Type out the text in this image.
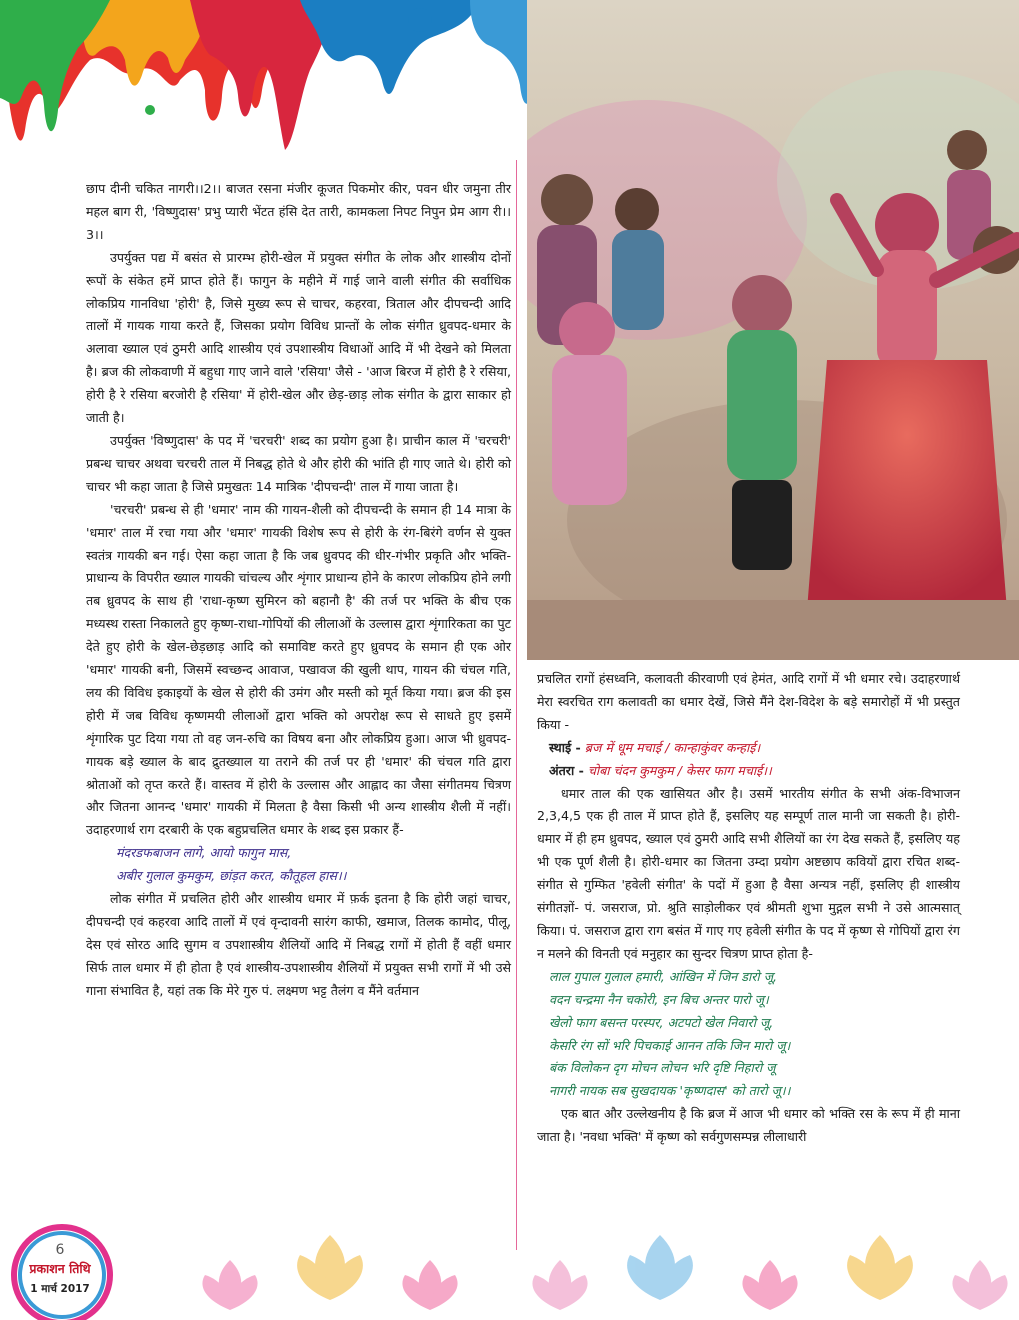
छाप दीनी चकित नागरी।।2।। बाजत रसना मंजीर कूजत पिकमोर कीर, पवन धीर जमुना तीर महल बाग री, 'विष्णुदास' प्रभु प्यारी भेंटत हंसि देत तारी, कामकला निपट निपुन प्रेम आग री।।3।।

उपर्युक्त पद्य में बसंत से प्रारम्भ होरी-खेल में प्रयुक्त संगीत के लोक और शास्त्रीय दोनों रूपों के संकेत हमें प्राप्त होते हैं। फागुन के महीने में गाई जाने वाली संगीत की सर्वाधिक लोकप्रिय गानविधा 'होरी' है, जिसे मुख्य रूप से चाचर, कहरवा, त्रिताल और दीपचन्दी आदि तालों में गायक गाया करते हैं, जिसका प्रयोग विविध प्रान्तों के लोक संगीत ध्रुवपद-धमार के अलावा ख्याल एवं ठुमरी आदि शास्त्रीय एवं उपशास्त्रीय विधाओं आदि में भी देखने को मिलता है। ब्रज की लोकवाणी में बहुधा गाए जाने वाले 'रसिया' जैसे - 'आज बिरज में होरी है रे रसिया, होरी है रे रसिया बरजोरी है रसिया' में होरी-खेल और छेड़-छाड़ लोक संगीत के द्वारा साकार हो जाती है।

उपर्युक्त 'विष्णुदास' के पद में 'चरचरी' शब्द का प्रयोग हुआ है। प्राचीन काल में 'चरचरी' प्रबन्ध चाचर अथवा चरचरी ताल में निबद्ध होते थे और होरी की भांति ही गाए जाते थे। होरी को चाचर भी कहा जाता है जिसे प्रमुखतः 14 मात्रिक 'दीपचन्दी' ताल में गाया जाता है।

'चरचरी' प्रबन्ध से ही 'धमार' नाम की गायन-शैली को दीपचन्दी के समान ही 14 मात्रा के 'धमार' ताल में रचा गया और 'धमार' गायकी विशेष रूप से होरी के रंग-बिरंगे वर्णन से युक्त स्वतंत्र गायकी बन गई। ऐसा कहा जाता है कि जब ध्रुवपद की धीर-गंभीर प्रकृति और भक्ति-प्राधान्य के विपरीत ख्याल गायकी चांचल्य और शृंगार प्राधान्य होने के कारण लोकप्रिय होने लगी तब ध्रुवपद के साथ ही 'राधा-कृष्ण सुमिरन को बहानौ है' की तर्ज पर भक्ति के बीच एक मध्यस्थ रास्ता निकालते हुए कृष्ण-राधा-गोपियों की लीलाओं के उल्लास द्वारा शृंगारिकता का पुट देते हुए होरी के खेल-छेड़छाड़ आदि को समाविष्ट करते हुए ध्रुवपद के समान ही एक ओर 'धमार' गायकी बनी, जिसमें स्वच्छन्द आवाज, पखावज की खुली थाप, गायन की चंचल गति, लय की विविध इकाइयों के खेल से होरी की उमंग और मस्ती को मूर्त किया गया। ब्रज की इस होरी में जब विविध कृष्णमयी लीलाओं द्वारा भक्ति को अपरोक्ष रूप से साधते हुए इसमें शृंगारिक पुट दिया गया तो वह जन-रुचि का विषय बना और लोकप्रिय हुआ। आज भी ध्रुवपद-गायक बड़े ख्याल के बाद द्रुतख्याल या तराने की तर्ज पर ही 'धमार' की चंचल गति द्वारा श्रोताओं को तृप्त करते हैं। वास्तव में होरी के उल्लास और आह्लाद का जैसा संगीतमय चित्रण और जितना आनन्द 'धमार' गायकी में मिलता है वैसा किसी भी अन्य शास्त्रीय शैली में नहीं। उदाहरणार्थ राग दरबारी के एक बहुप्रचलित धमार के शब्द इस प्रकार हैं-

मंदरडफबाजन लागे, आयो फागुन मास,
अबीर गुलाल कुमकुम, छांड़त करत, कौतूहल हास।।

लोक संगीत में प्रचलित होरी और शास्त्रीय धमार में फ़र्क इतना है कि होरी जहां चाचर, दीपचन्दी एवं कहरवा आदि तालों में एवं वृन्दावनी सारंग काफी, खमाज, तिलक कामोद, पीलू, देस एवं सोरठ आदि सुगम व उपशास्त्रीय शैलियों आदि में निबद्ध रागों में होती हैं वहीं धमार सिर्फ ताल धमार में ही होता है एवं शास्त्रीय-उपशास्त्रीय शैलियों में प्रयुक्त सभी रागों में भी उसे गाना संभावित है, यहां तक कि मेरे गुरु पं. लक्ष्मण भट्ट तैलंग व मैंने वर्तमान

प्रचलित रागों हंसध्वनि, कलावती कीरवाणी एवं हेमंत, आदि रागों में भी धमार रचे। उदाहरणार्थ मेरा स्वरचित राग कलावती का धमार देखें, जिसे मैंने देश-विदेश के बड़े समारोहों में भी प्रस्तुत किया -

स्थाई - ब्रज में धूम मचाई / कान्हाकुंवर कन्हाई।

अंतरा - चोबा चंदन कुमकुम / केसर फाग मचाई।।

धमार ताल की एक खासियत और है। उसमें भारतीय संगीत के सभी अंक-विभाजन 2,3,4,5 एक ही ताल में प्राप्त होते हैं, इसलिए यह सम्पूर्ण ताल मानी जा सकती है। होरी-धमार में ही हम ध्रुवपद, ख्याल एवं ठुमरी आदि सभी शैलियों का रंग देख सकते हैं, इसलिए यह भी एक पूर्ण शैली है। होरी-धमार का जितना उम्दा प्रयोग अष्टछाप कवियों द्वारा रचित शब्द-संगीत से गुम्फित 'हवेली संगीत' के पदों में हुआ है वैसा अन्यत्र नहीं, इसलिए ही शास्त्रीय संगीतज्ञों- पं. जसराज, प्रो. श्रुति साड़ोलीकर एवं श्रीमती शुभा मुद्गल सभी ने उसे आत्मसात् किया। पं. जसराज द्वारा राग बसंत में गाए गए हवेली संगीत के पद में कृष्ण से गोपियों द्वारा रंग न मलने की विनती एवं मनुहार का सुन्दर चित्रण प्राप्त होता है-

लाल गुपाल गुलाल हमारी, आंखिन में जिन डारो जू,
वदन चन्द्रमा नैन चकोरी, इन बिच अन्तर पारो जू।
खेलो फाग बसन्त परस्पर, अटपटो खेल निवारो जू,
केसरि रंग सों भरि पिचकाई आनन तकि जिन मारो जू।
बंक विलोकन दृग मोचन लोचन भरि दृष्टि निहारो जू
नागरी नायक सब सुखदायक 'कृष्णदास' को तारो जू।।

एक बात और उल्लेखनीय है कि ब्रज में आज भी धमार को भक्ति रस के रूप में ही माना जाता है। 'नवधा भक्ति' में कृष्ण को सर्वगुणसम्पन्न लीलाधारी

6
प्रकाशन तिथि
1 मार्च 2017
